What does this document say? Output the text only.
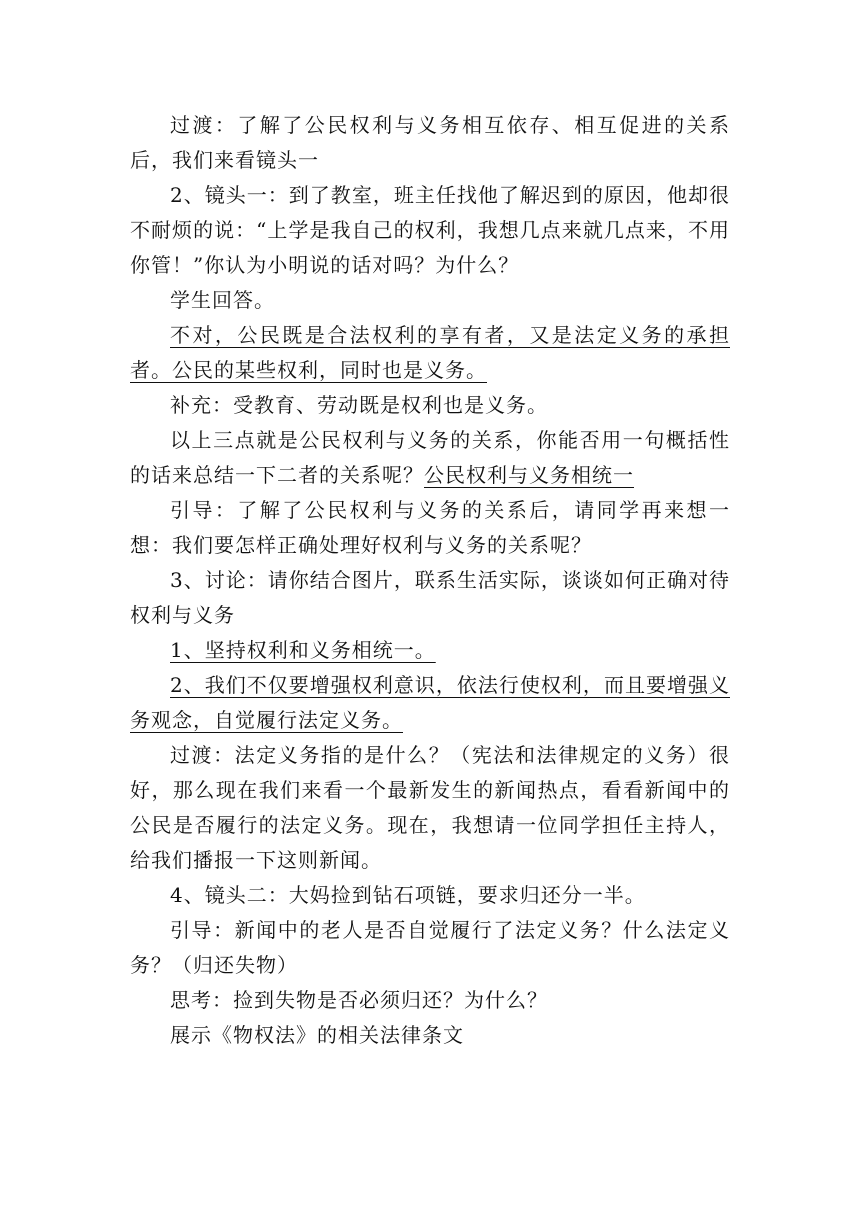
过渡：了解了公民权利与义务相互依存、相互促进的关系后，我们来看镜头一

2、镜头一：到了教室，班主任找他了解迟到的原因，他却很不耐烦的说：“上学是我自己的权利，我想几点来就几点来，不用你管！”你认为小明说的话对吗？为什么？

学生回答。

不对，公民既是合法权利的享有者，又是法定义务的承担者。公民的某些权利，同时也是义务。

补充：受教育、劳动既是权利也是义务。

以上三点就是公民权利与义务的关系，你能否用一句概括性的话来总结一下二者的关系呢？公民权利与义务相统一

引导：了解了公民权利与义务的关系后，请同学再来想一想：我们要怎样正确处理好权利与义务的关系呢？

3、讨论：请你结合图片，联系生活实际，谈谈如何正确对待权利与义务

1、坚持权利和义务相统一。

2、我们不仅要增强权利意识，依法行使权利，而且要增强义务观念，自觉履行法定义务。

过渡：法定义务指的是什么？（宪法和法律规定的义务）很好，那么现在我们来看一个最新发生的新闻热点，看看新闻中的公民是否履行的法定义务。现在，我想请一位同学担任主持人，给我们播报一下这则新闻。

4、镜头二：大妈捡到钻石项链，要求归还分一半。

引导：新闻中的老人是否自觉履行了法定义务？什么法定义务？（归还失物）

思考：捡到失物是否必须归还？为什么？

展示《物权法》的相关法律条文
